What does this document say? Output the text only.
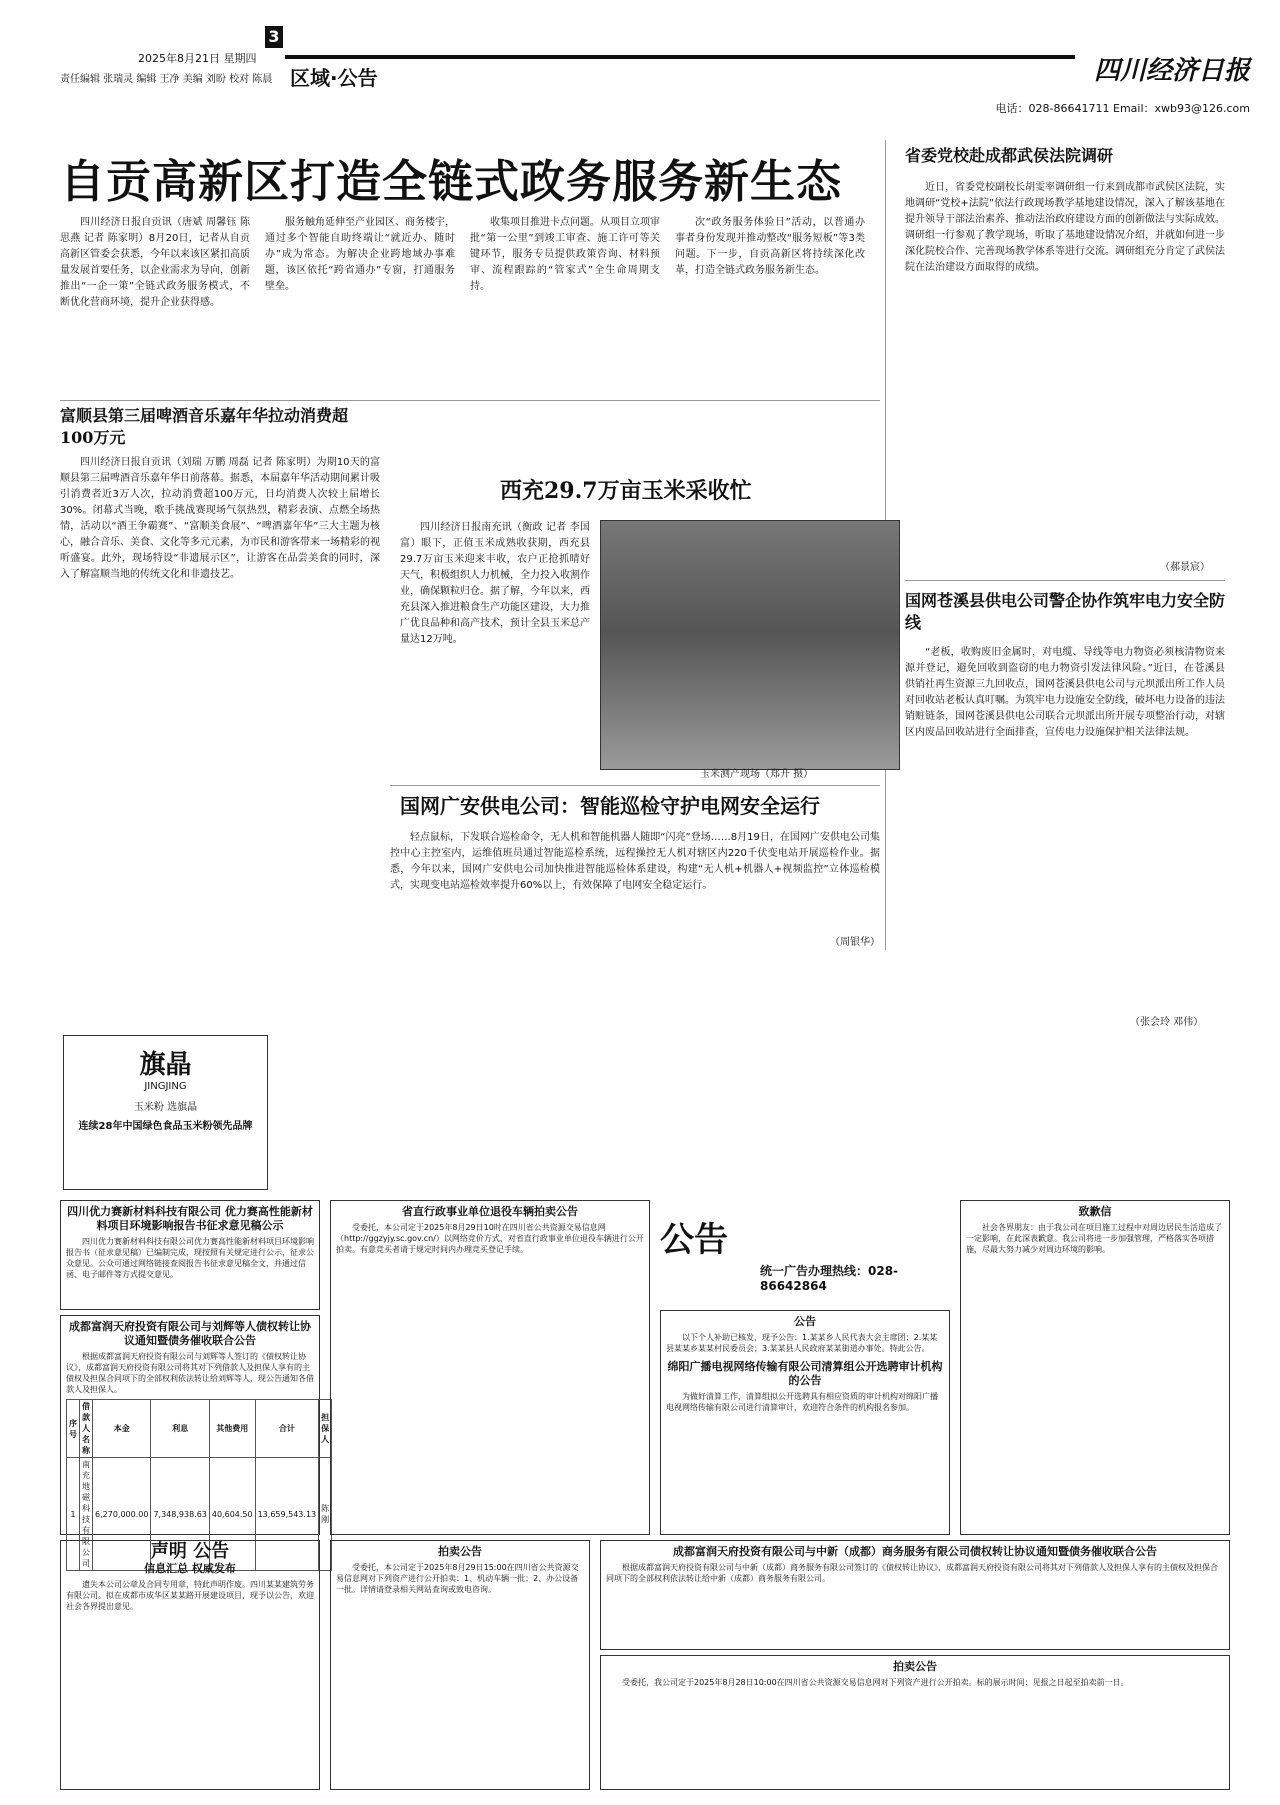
3
2025年8月21日 星期四
责任编辑 张瑞灵 编辑 王净 美编 刘盼 校对 陈晨 区域·公告	四川经济日报
电话：028-86641711 Email：xwb93@126.com
自贡高新区打造全链式政务服务新生态

四川经济日报自贡讯（唐斌 周馨钰 陈思燕 记者 陈家明）8月20日，记者从自贡高新区管委会获悉，今年以来该区紧扣高质量发展首要任务，以企业需求为导向，创新推出“一企一策”全链式政务服务模式，不断优化营商环境，提升企业获得感。

服务触角延伸至产业园区、商务楼宇，通过多个智能自助终端让“就近办、随时办”成为常态。为解决企业跨地域办事难题，该区依托“跨省通办”专窗，打通服务壁垒。

收集项目推进卡点问题。从项目立项审批“第一公里”到竣工审查、施工许可等关键环节，服务专员提供政策咨询、材料预审、流程跟踪的“管家式”全生命周期支持。

次“政务服务体验日”活动，以普通办事者身份发现并推动整改“服务短板”等3类问题。下一步，自贡高新区将持续深化改革，打造全链式政务服务新生态。

富顺县第三届啤酒音乐嘉年华拉动消费超100万元

四川经济日报自贡讯（刘瑞 万鹏 周磊 记者 陈家明）为期10天的富顺县第三届啤酒音乐嘉年华日前落幕。据悉，本届嘉年华活动期间累计吸引消费者近3万人次，拉动消费超100万元，日均消费人次较上届增长30%。闭幕式当晚，歌手挑战赛现场气氛热烈，精彩表演、点燃全场热情，活动以“酒王争霸赛”、“富顺美食展”、“啤酒嘉年华”三大主题为核心，融合音乐、美食、文化等多元元素，为市民和游客带来一场精彩的视听盛宴。此外，现场特设“非遗展示区”，让游客在品尝美食的同时，深入了解富顺当地的传统文化和非遗技艺。

西充29.7万亩玉米采收忙

四川经济日报南充讯（衡政 记者 李国富）眼下，正值玉米成熟收获期，西充县29.7万亩玉米迎来丰收，农户正抢抓晴好天气，积极组织人力机械，全力投入收割作业，确保颗粒归仓。据了解，今年以来，西充县深入推进粮食生产功能区建设，大力推广优良品种和高产技术，预计全县玉米总产量达12万吨。

玉米测产现场（郑升 摄）
国网广安供电公司：智能巡检守护电网安全运行

轻点鼠标，下发联合巡检命令，无人机和智能机器人随即“闪亮”登场……8月19日，在国网广安供电公司集控中心主控室内，运维值班员通过智能巡检系统，远程操控无人机对辖区内220千伏变电站开展巡检作业。据悉，今年以来，国网广安供电公司加快推进智能巡检体系建设，构建“无人机+机器人+视频监控”立体巡检模式，实现变电站巡检效率提升60%以上，有效保障了电网安全稳定运行。

（周银华）
旗晶
JINGJING
玉米粉 选旗晶
连续28年中国绿色食品玉米粉领先品牌
省委党校赴成都武侯法院调研

近日，省委党校副校长胡雯率调研组一行来到成都市武侯区法院，实地调研“党校+法院”依法行政现场教学基地建设情况，深入了解该基地在提升领导干部法治素养、推动法治政府建设方面的创新做法与实际成效。调研组一行参观了教学现场，听取了基地建设情况介绍，并就如何进一步深化院校合作、完善现场教学体系等进行交流。调研组充分肯定了武侯法院在法治建设方面取得的成绩。

（郝景宸）
国网苍溪县供电公司警企协作筑牢电力安全防线

“老板，收购废旧金属时，对电缆、导线等电力物资必须核清物资来源并登记，避免回收到盗窃的电力物资引发法律风险。”近日，在苍溪县供销社再生资源三九回收点，国网苍溪县供电公司与元坝派出所工作人员对回收站老板认真叮嘱。为筑牢电力设施安全防线，破坏电力设备的违法销赃链条，国网苍溪县供电公司联合元坝派出所开展专项整治行动，对辖区内废品回收站进行全面排查，宣传电力设施保护相关法律法规。

（张会玲 邓伟）
四川优力赛新材料科技有限公司 优力赛高性能新材料项目环境影响报告书征求意见稿公示

四川优力赛新材料科技有限公司优力赛高性能新材料项目环境影响报告书（征求意见稿）已编制完成，现按照有关规定进行公示，征求公众意见。公众可通过网络链接查阅报告书征求意见稿全文，并通过信函、电子邮件等方式提交意见。

成都富润天府投资有限公司与刘辉等人债权转让协议通知暨债务催收联合公告

根据成都富润天府投资有限公司与刘辉等人签订的《债权转让协议》，成都富润天府投资有限公司将其对下列借款人及担保人享有的主债权及担保合同项下的全部权利依法转让给刘辉等人，现公告通知各借款人及担保人。

序号	借款人名称	本金	利息	其他费用	合计	担保人
1	南充地磁科技有限公司	6,270,000.00	7,348,938.63	40,604.50	13,659,543.13	陈刚
省直行政事业单位退役车辆拍卖公告

受委托，本公司定于2025年8月29日10时在四川省公共资源交易信息网（http://ggzyjy.sc.gov.cn/）以网络竞价方式，对省直行政事业单位退役车辆进行公开拍卖。有意竞买者请于规定时间内办理竞买登记手续。	公告
统一广告办理热线：028-86642864
公告

以下个人补助已核发，现予公告：1.某某乡人民代表大会主席团；2.某某县某某乡某某村民委员会；3.某某县人民政府某某街道办事处。特此公告。

绵阳广播电视网络传输有限公司清算组公开选聘审计机构的公告

为做好清算工作，清算组拟公开选聘具有相应资质的审计机构对绵阳广播电视网络传输有限公司进行清算审计，欢迎符合条件的机构报名参加。

致歉信

社会各界朋友：由于我公司在项目施工过程中对周边居民生活造成了一定影响，在此深表歉意。我公司将进一步加强管理，严格落实各项措施，尽最大努力减少对周边环境的影响。

声明 公告
信息汇总 权威发布

遗失本公司公章及合同专用章，特此声明作废。四川某某建筑劳务有限公司。拟在成都市成华区某某路开展建设项目，现予以公告，欢迎社会各界提出意见。

拍卖公告

受委托，本公司定于2025年8月29日15:00在四川省公共资源交易信息网对下列资产进行公开拍卖：1、机动车辆一批；2、办公设备一批。详情请登录相关网站查询或致电咨询。

成都富润天府投资有限公司与中新（成都）商务服务有限公司债权转让协议通知暨债务催收联合公告

根据成都富润天府投资有限公司与中新（成都）商务服务有限公司签订的《债权转让协议》，成都富润天府投资有限公司将其对下列借款人及担保人享有的主债权及担保合同项下的全部权利依法转让给中新（成都）商务服务有限公司。

拍卖公告

受委托，我公司定于2025年8月28日10:00在四川省公共资源交易信息网对下列资产进行公开拍卖。标的展示时间：见报之日起至拍卖前一日。
